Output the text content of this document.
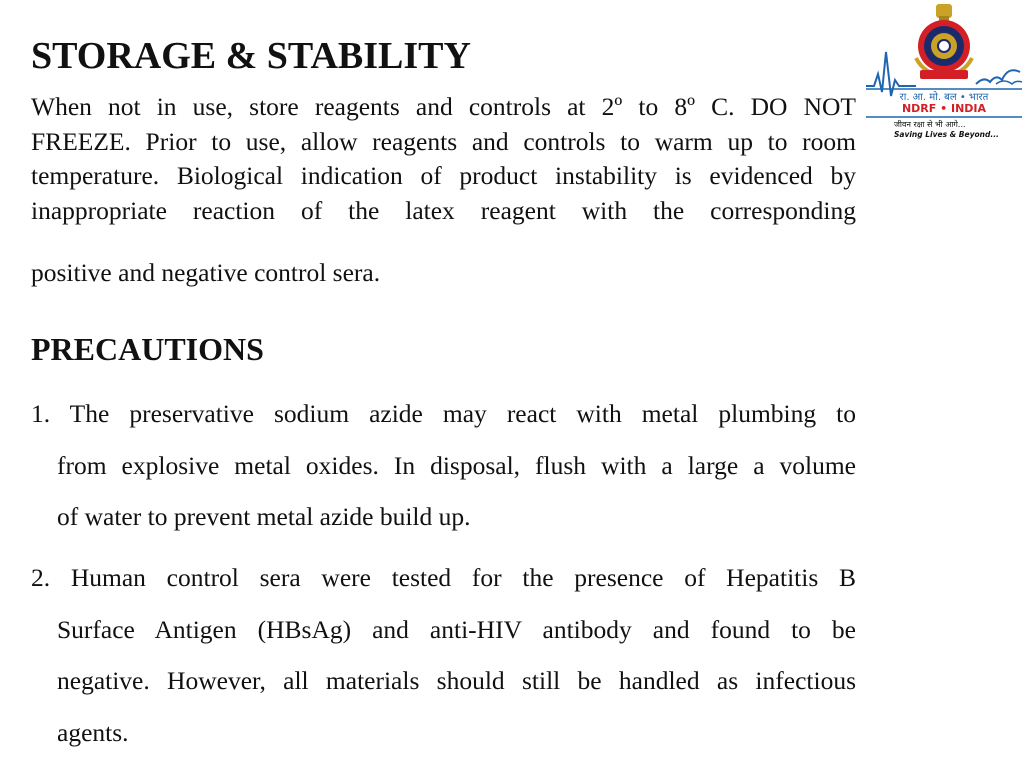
STORAGE & STABILITY
When not in use, store reagents and controls at 2º to 8º C. DO NOT
FREEZE. Prior to use, allow reagents and controls to warm up to room
temperature. Biological indication of product instability is evidenced by
inappropriate reaction of the latex reagent with the corresponding
positive and negative control sera.
PRECAUTIONS
1. The preservative sodium azide may react with metal plumbing to
from explosive metal oxides. In disposal, flush with a large a volume
of water to prevent metal azide build up.
2. Human control sera were tested for the presence of Hepatitis B
Surface Antigen (HBsAg) and anti-HIV antibody and found to be
negative. However, all materials should still be handled as infectious
agents.
रा. आ. मो. बल • भारत
NDRF • INDIA
जीवन रक्षा से भी आगे...
Saving Lives & Beyond...
